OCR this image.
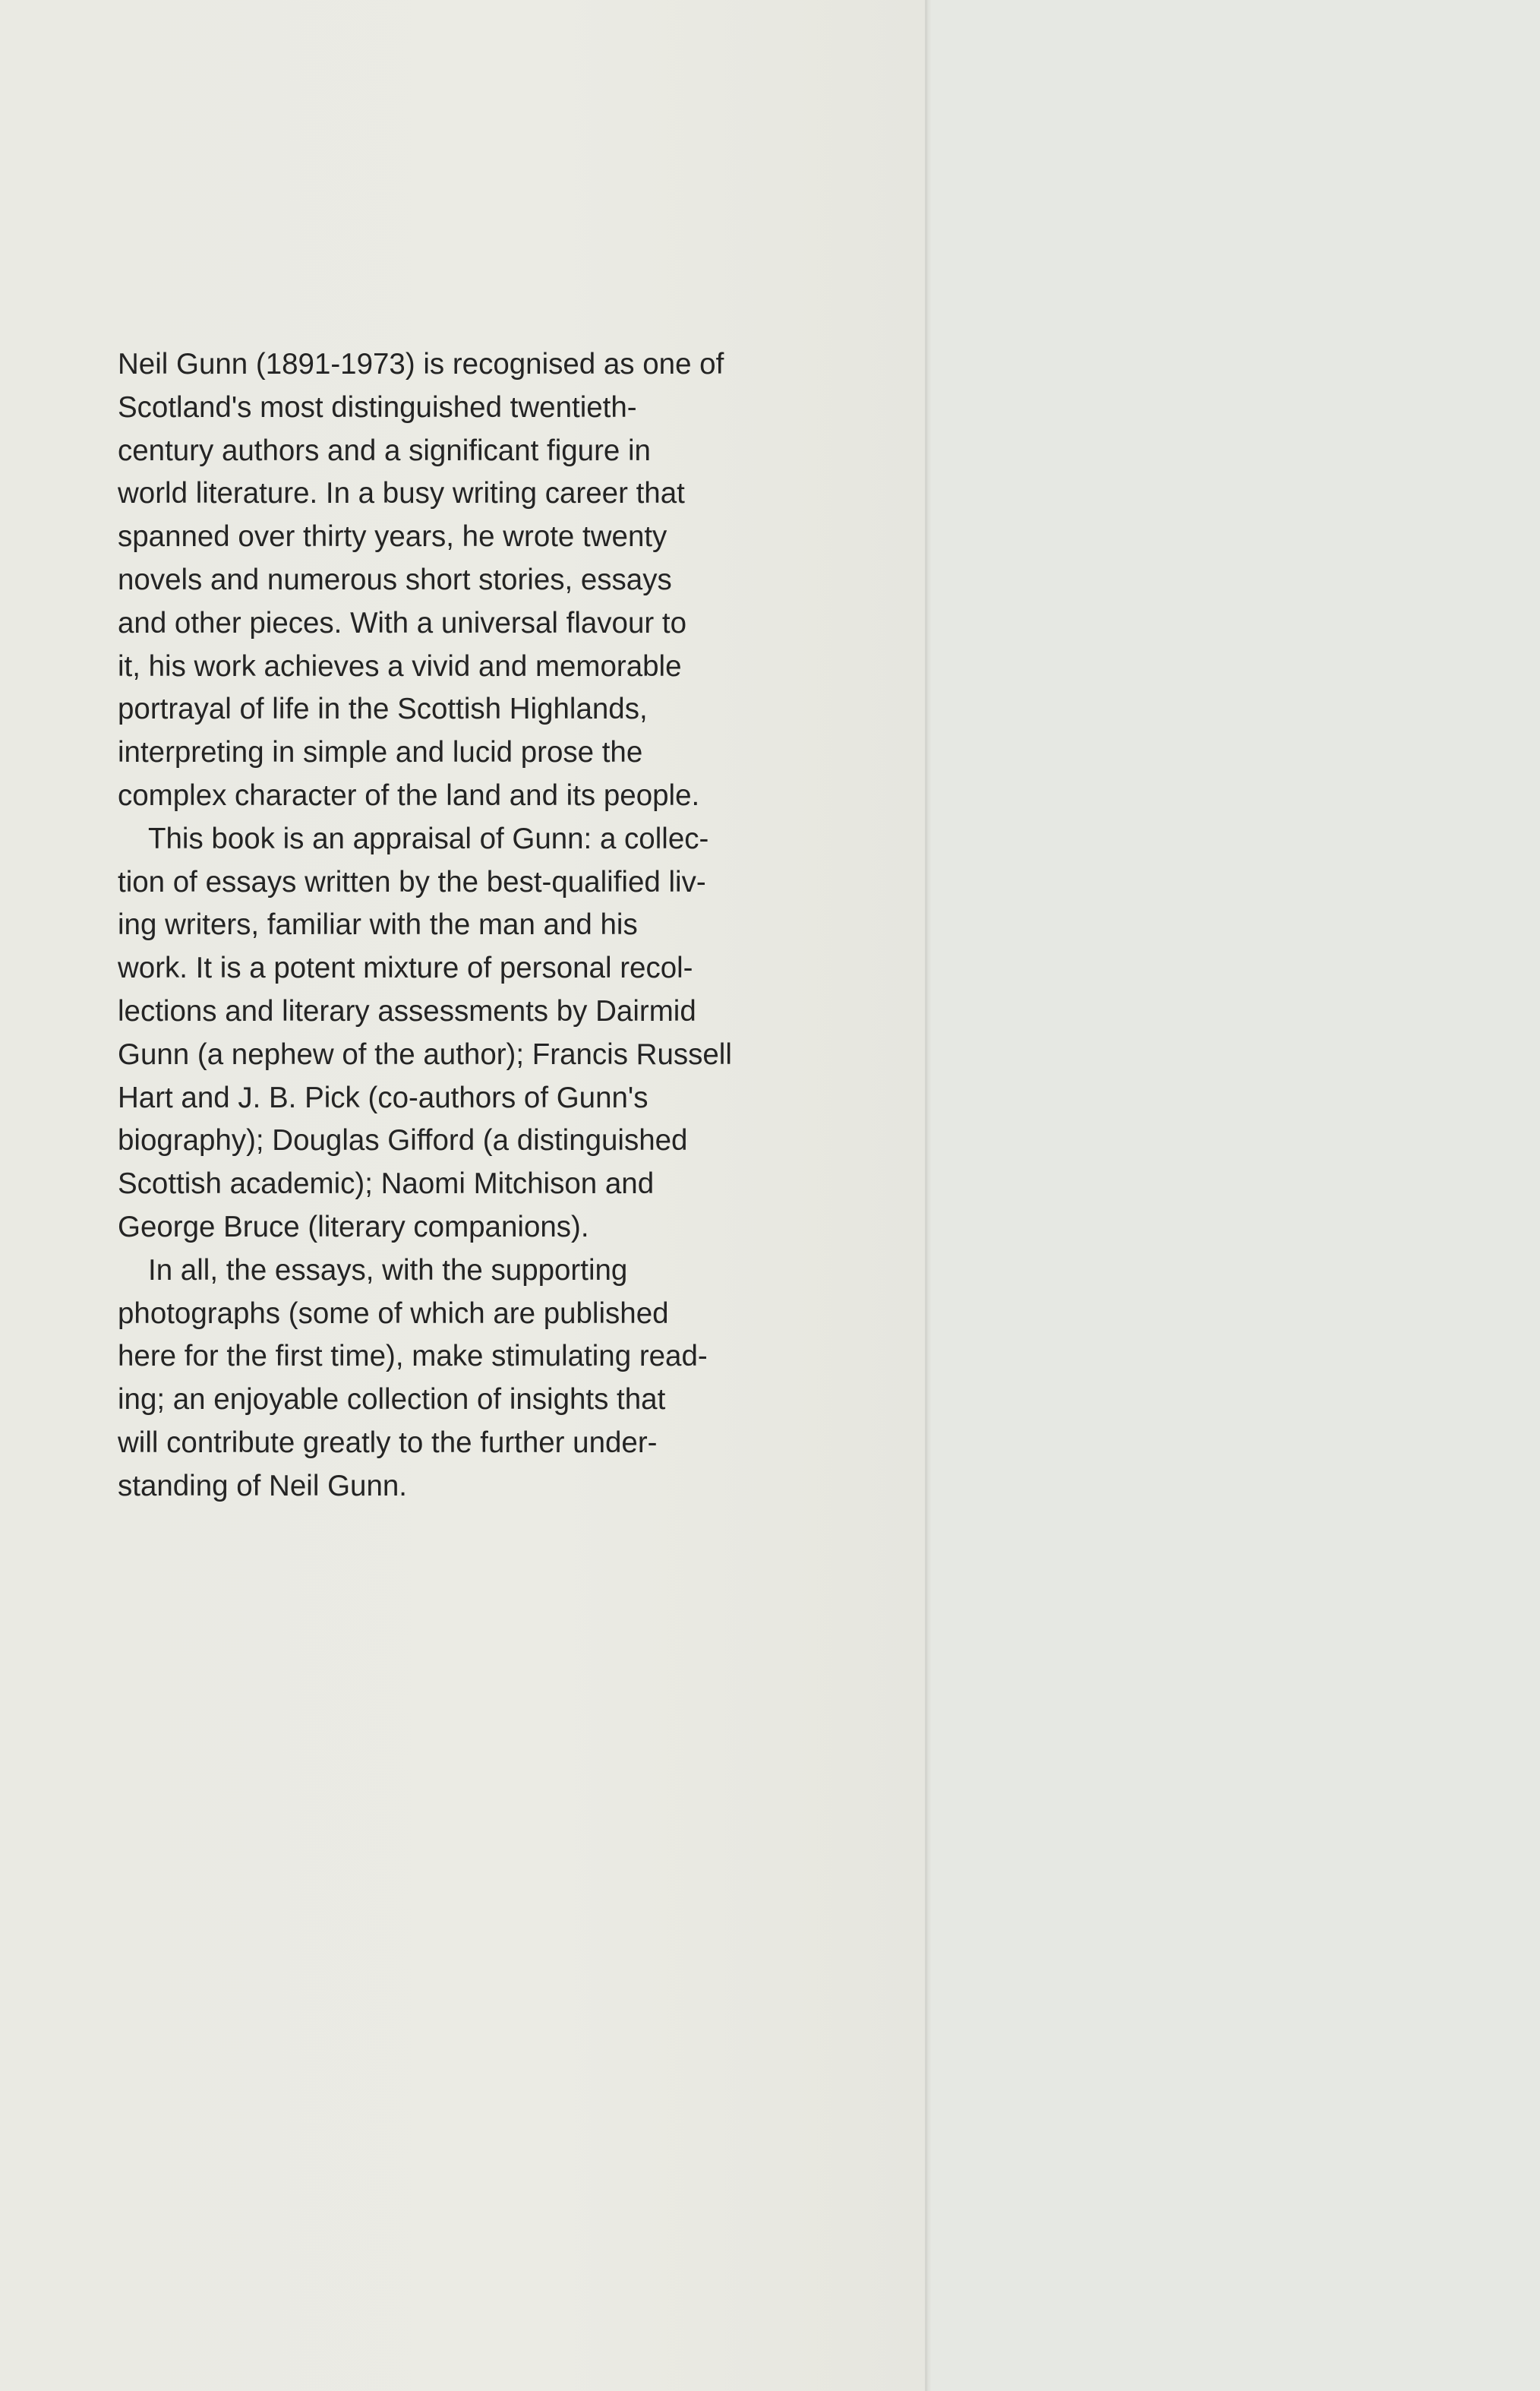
Neil Gunn (1891-1973) is recognised as one of
Scotland's most distinguished twentieth-
century authors and a significant figure in
world literature. In a busy writing career that
spanned over thirty years, he wrote twenty
novels and numerous short stories, essays
and other pieces. With a universal flavour to
it, his work achieves a vivid and memorable
portrayal of life in the Scottish Highlands,
interpreting in simple and lucid prose the
complex character of the land and its people.
This book is an appraisal of Gunn: a collec-
tion of essays written by the best-qualified liv-
ing writers, familiar with the man and his
work. It is a potent mixture of personal recol-
lections and literary assessments by Dairmid
Gunn (a nephew of the author); Francis Russell
Hart and J. B. Pick (co-authors of Gunn's
biography); Douglas Gifford (a distinguished
Scottish academic); Naomi Mitchison and
George Bruce (literary companions).
In all, the essays, with the supporting
photographs (some of which are published
here for the first time), make stimulating read-
ing; an enjoyable collection of insights that
will contribute greatly to the further under-
standing of Neil Gunn.
